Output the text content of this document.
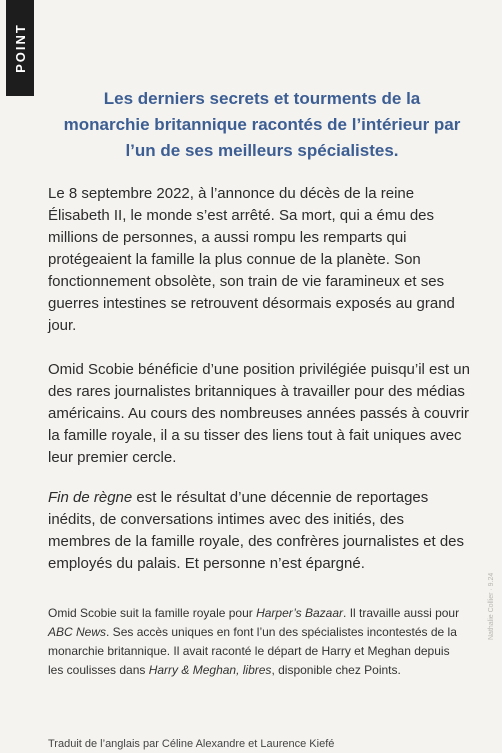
POINT
Les derniers secrets et tourments de la monarchie britannique racontés de l’intérieur par l’un de ses meilleurs spécialistes.

Le 8 septembre 2022, à l’annonce du décès de la reine Élisabeth II, le monde s’est arrêté. Sa mort, qui a ému des millions de personnes, a aussi rompu les remparts qui protégeaient la famille la plus connue de la planète. Son fonctionnement obsolète, son train de vie faramineux et ses guerres intestines se retrouvent désormais exposés au grand jour.

Omid Scobie bénéficie d’une position privilégiée puisqu’il est un des rares journalistes britanniques à travailler pour des médias américains. Au cours des nombreuses années passés à couvrir la famille royale, il a su tisser des liens tout à fait uniques avec leur premier cercle.

Fin de règne est le résultat d’une décennie de reportages inédits, de conversations intimes avec des initiés, des membres de la famille royale, des confrères journalistes et des employés du palais. Et personne n’est épargné.

Omid Scobie suit la famille royale pour Harper’s Bazaar. Il travaille aussi pour ABC News. Ses accès uniques en font l’un des spécialistes incontestés de la monarchie britannique. Il avait raconté le départ de Harry et Meghan depuis les coulisses dans Harry & Meghan, libres, disponible chez Points.

Traduit de l’anglais par Céline Alexandre et Laurence Kiefé

Nathalie Collier · 9.24
